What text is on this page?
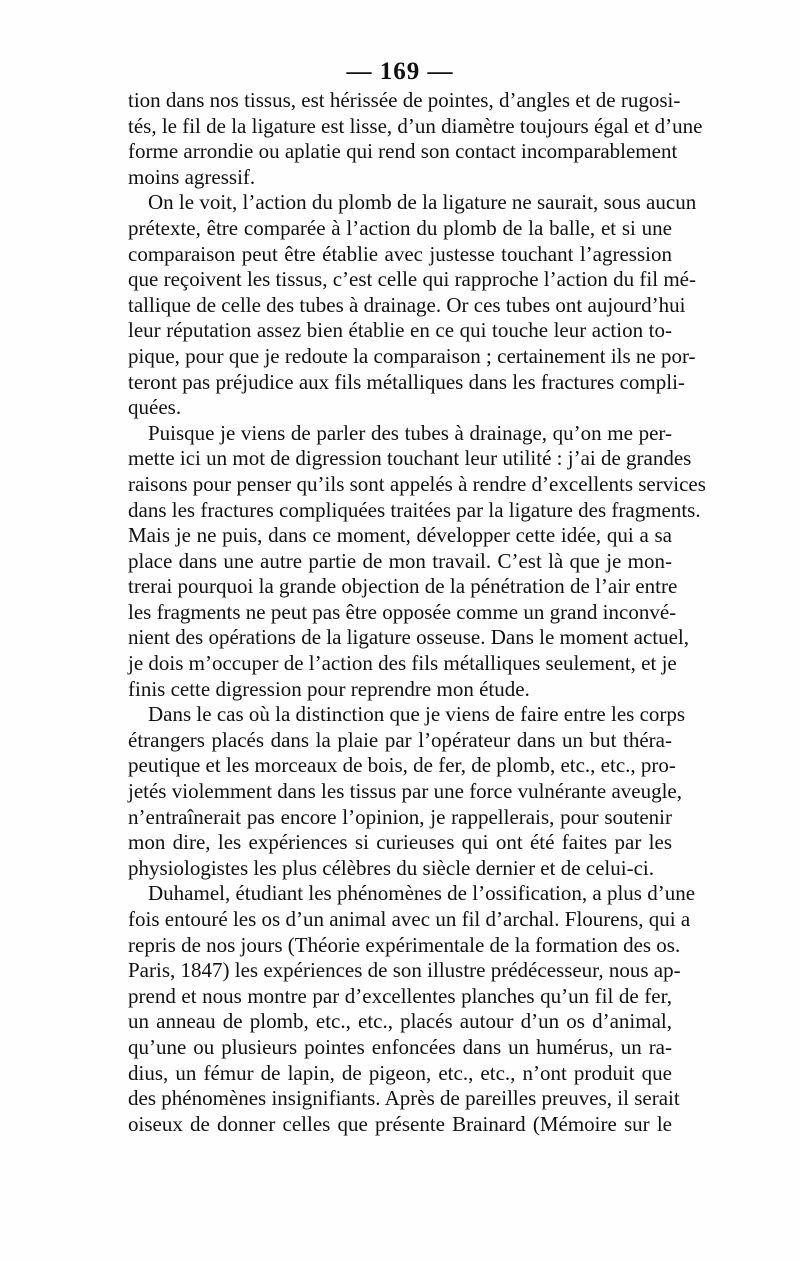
— 169 —

tion dans nos tissus, est hérissée de pointes, d’angles et de rugosi-
tés, le fil de la ligature est lisse, d’un diamètre toujours égal et d’une
forme arrondie ou aplatie qui rend son contact incomparablement
moins agressif.

On le voit, l’action du plomb de la ligature ne saurait, sous aucun
prétexte, être comparée à l’action du plomb de la balle, et si une
comparaison peut être établie avec justesse touchant l’agression
que reçoivent les tissus, c’est celle qui rapproche l’action du fil mé-
tallique de celle des tubes à drainage. Or ces tubes ont aujourd’hui
leur réputation assez bien établie en ce qui touche leur action to-
pique, pour que je redoute la comparaison ; certainement ils ne por-
teront pas préjudice aux fils métalliques dans les fractures compli-
quées.

Puisque je viens de parler des tubes à drainage, qu’on me per-
mette ici un mot de digression touchant leur utilité : j’ai de grandes
raisons pour penser qu’ils sont appelés à rendre d’excellents services
dans les fractures compliquées traitées par la ligature des fragments.
Mais je ne puis, dans ce moment, développer cette idée, qui a sa
place dans une autre partie de mon travail. C’est là que je mon-
trerai pourquoi la grande objection de la pénétration de l’air entre
les fragments ne peut pas être opposée comme un grand inconvé-
nient des opérations de la ligature osseuse. Dans le moment actuel,
je dois m’occuper de l’action des fils métalliques seulement, et je
finis cette digression pour reprendre mon étude.

Dans le cas où la distinction que je viens de faire entre les corps
étrangers placés dans la plaie par l’opérateur dans un but théra-
peutique et les morceaux de bois, de fer, de plomb, etc., etc., pro-
jetés violemment dans les tissus par une force vulnérante aveugle,
n’entraînerait pas encore l’opinion, je rappellerais, pour soutenir
mon dire, les expériences si curieuses qui ont été faites par les
physiologistes les plus célèbres du siècle dernier et de celui-ci.

Duhamel, étudiant les phénomènes de l’ossification, a plus d’une
fois entouré les os d’un animal avec un fil d’archal. Flourens, qui a
repris de nos jours (Théorie expérimentale de la formation des os.
Paris, 1847) les expériences de son illustre prédécesseur, nous ap-
prend et nous montre par d’excellentes planches qu’un fil de fer,
un anneau de plomb, etc., etc., placés autour d’un os d’animal,
qu’une ou plusieurs pointes enfoncées dans un humérus, un ra-
dius, un fémur de lapin, de pigeon, etc., etc., n’ont produit que
des phénomènes insignifiants. Après de pareilles preuves, il serait
oiseux de donner celles que présente Brainard (Mémoire sur le
